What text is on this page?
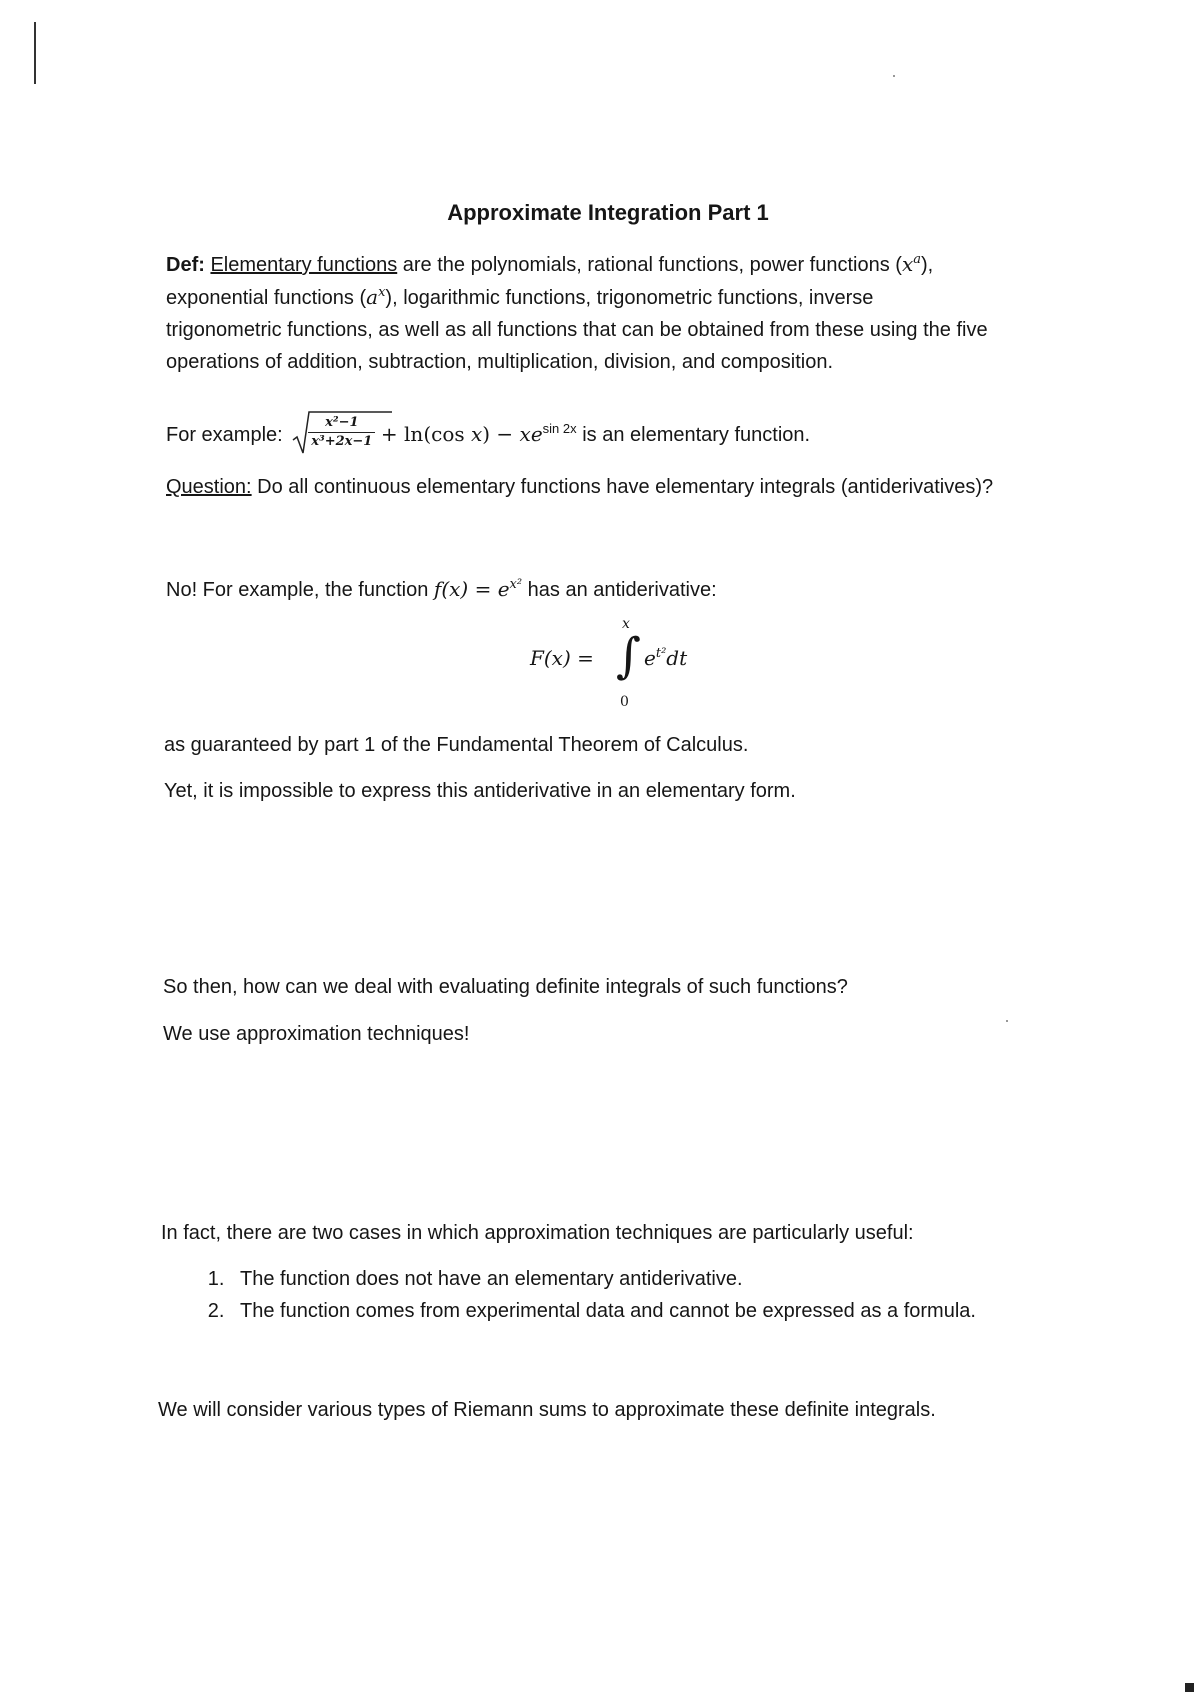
Approximate Integration Part 1

Def: Elementary functions are the polynomials, rational functions, power functions $(x^a)$,

exponential functions $(a^x)$, logarithmic functions, trigonometric functions, inverse

trigonometric functions, as well as all functions that can be obtained from these using the five

operations of addition, subtraction, multiplication, division, and composition.

For example: $\frac{\text{x²−1}}{\text{x³+2x−1}} + \ln(\cos$ $x) - xe^{sin 2x}$ is an elementary function.
Question: Do all continuous elementary functions have elementary integrals (antiderivatives)?
No! For example, the function $f(x) = e^{x^2}$ has an antiderivative:
F(x) =
x
∫
0
$e^{t^2}dt$
as guaranteed by part 1 of the Fundamental Theorem of Calculus.
Yet, it is impossible to express this antiderivative in an elementary form.
So then, how can we deal with evaluating definite integrals of such functions?
We use approximation techniques!
In fact, there are two cases in which approximation techniques are particularly useful:
1. The function does not have an elementary antiderivative.
2. The function comes from experimental data and cannot be expressed as a formula.
We will consider various types of Riemann sums to approximate these definite integrals.
